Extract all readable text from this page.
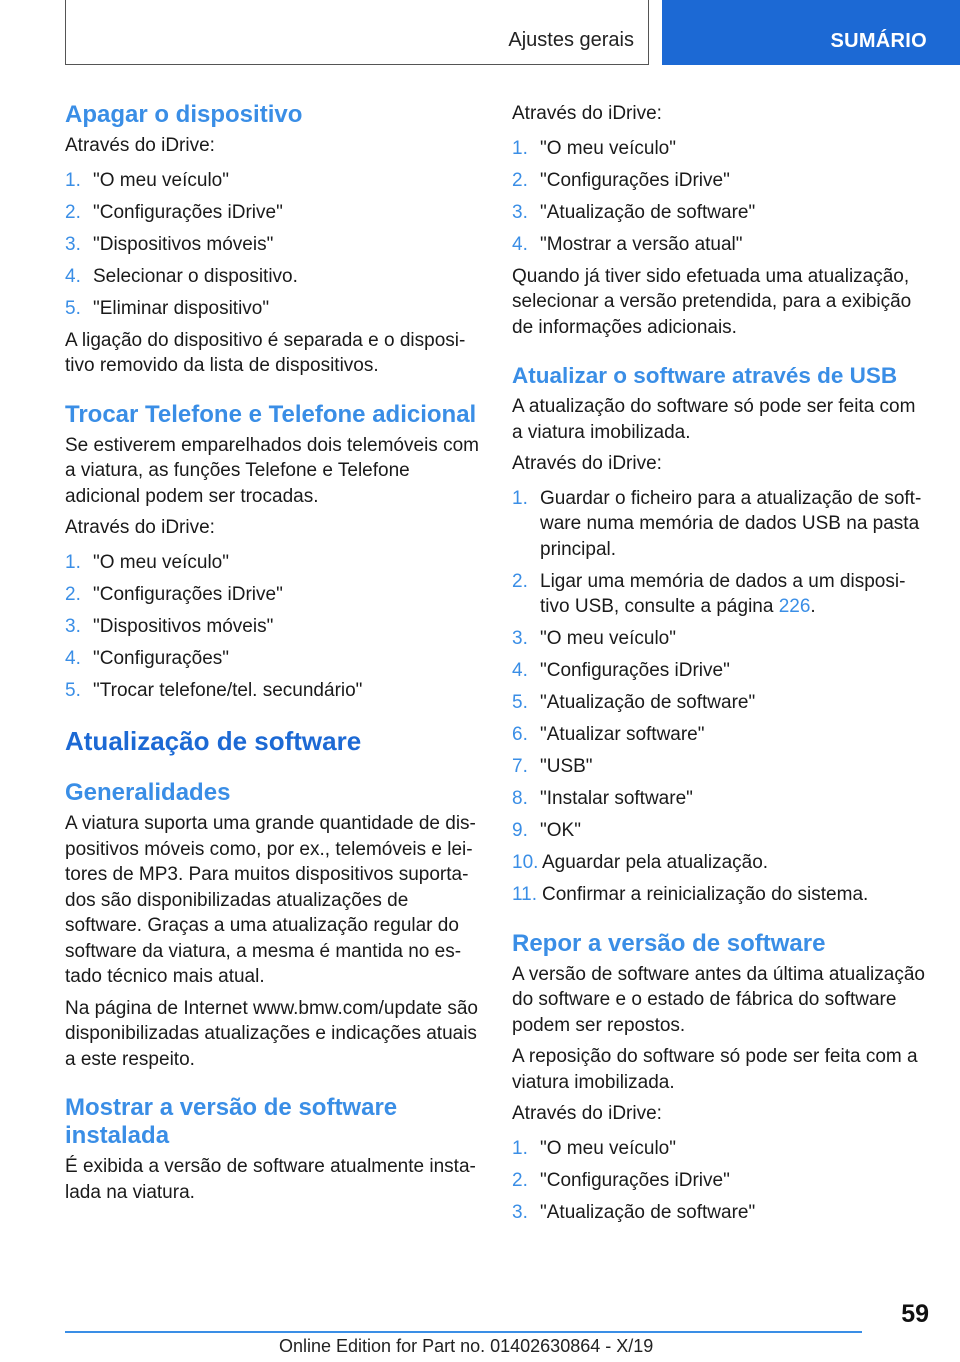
Ajustes gerais	SUMÁRIO
Apagar o dispositivo

Através do iDrive:

1. "O meu veículo"
2. "Configurações iDrive"
3. "Dispositivos móveis"
4. Selecionar o dispositivo.
5. "Eliminar dispositivo"

A ligação do dispositivo é separada e o disposi-tivo removido da lista de dispositivos.

Trocar Telefone e Telefone adicional

Se estiverem emparelhados dois telemóveis com a viatura, as funções Telefone e Telefone adicional podem ser trocadas.

Através do iDrive:

1. "O meu veículo"
2. "Configurações iDrive"
3. "Dispositivos móveis"
4. "Configurações"
5. "Trocar telefone/tel. secundário"
Atualização de software
Generalidades

A viatura suporta uma grande quantidade de dis-positivos móveis como, por ex., telemóveis e lei-tores de MP3. Para muitos dispositivos suporta-dos são disponibilizadas atualizações de software. Graças a uma atualização regular do software da viatura, a mesma é mantida no es-tado técnico mais atual.

Na página de Internet www.bmw.com/update são disponibilizadas atualizações e indicações atuais a este respeito.

Mostrar a versão de software instalada

É exibida a versão de software atualmente insta-lada na viatura.

Através do iDrive:

1. "O meu veículo"
2. "Configurações iDrive"
3. "Atualização de software"
4. "Mostrar a versão atual"

Quando já tiver sido efetuada uma atualização, selecionar a versão pretendida, para a exibição de informações adicionais.

Atualizar o software através de USB

A atualização do software só pode ser feita com a viatura imobilizada.

Através do iDrive:

1. Guardar o ficheiro para a atualização de soft-ware numa memória de dados USB na pasta principal.
2. Ligar uma memória de dados a um disposi-tivo USB, consulte a página 226.
3. "O meu veículo"
4. "Configurações iDrive"
5. "Atualização de software"
6. "Atualizar software"
7. "USB"
8. "Instalar software"
9. "OK"
10. Aguardar pela atualização.
11. Confirmar a reinicialização do sistema.
Repor a versão de software

A versão de software antes da última atualização do software e o estado de fábrica do software podem ser repostos.

A reposição do software só pode ser feita com a viatura imobilizada.

Através do iDrive:

1. "O meu veículo"
2. "Configurações iDrive"
3. "Atualização de software"
59
Online Edition for Part no. 01402630864 - X/19
